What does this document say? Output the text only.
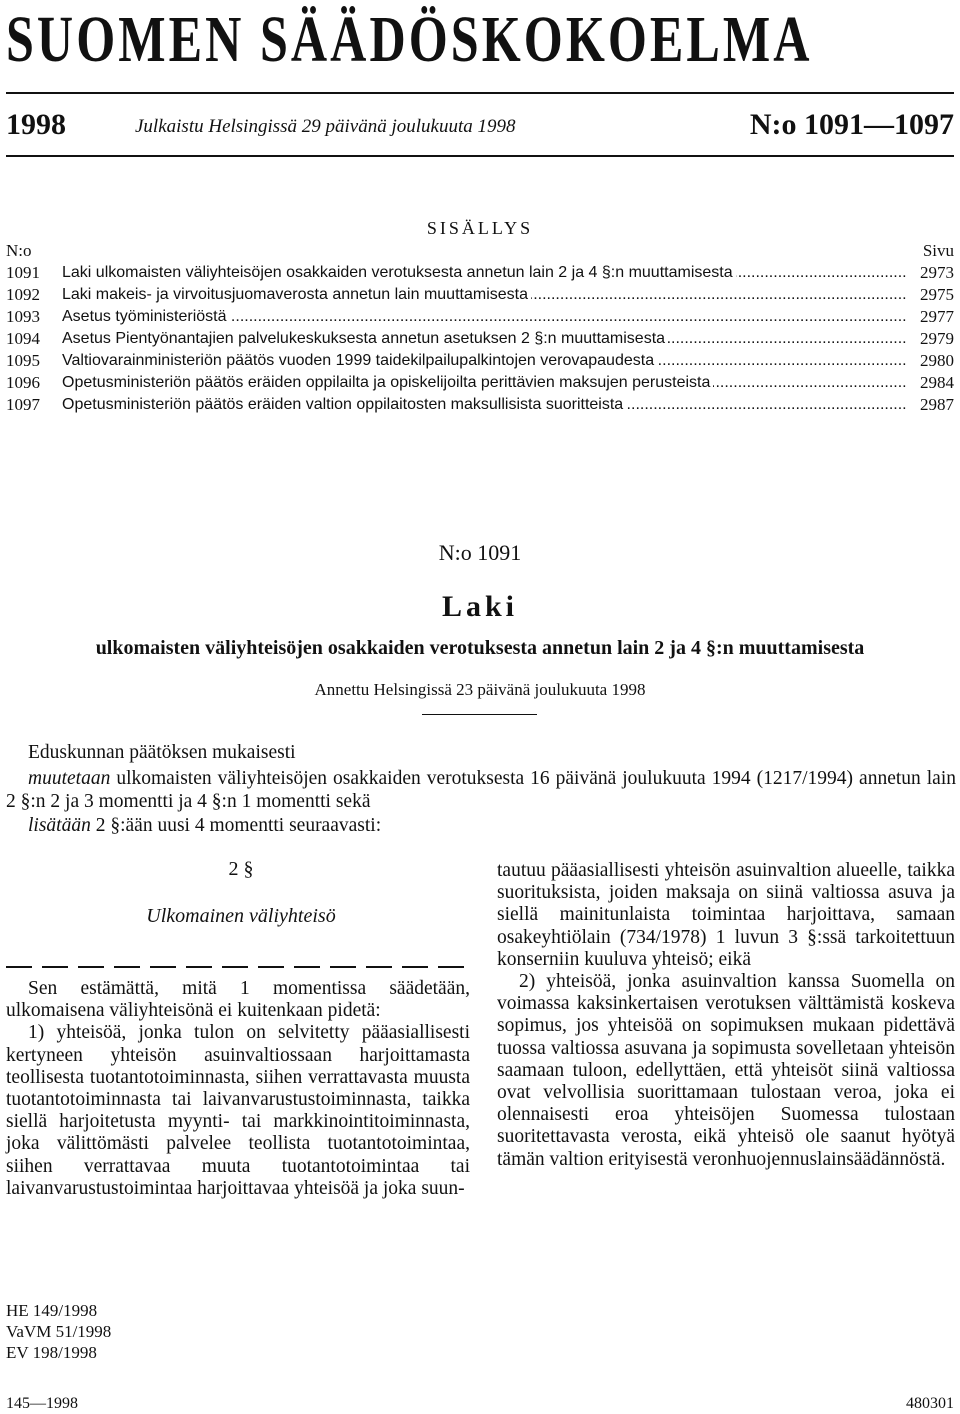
SUOMEN SÄÄDÖSKOKOELMA
1998	Julkaistu Helsingissä 29 päivänä joulukuuta 1998	N:o 1091—1097
SISÄLLYS
N:o	Sivu
1091	Laki ulkomaisten väliyhteisöjen osakkaiden verotuksesta annetun lain 2 ja 4 §:n muuttamisesta .....	2973
1092	Laki makeis- ja virvoitusjuomaverosta annetun lain muuttamisesta .....	2975
1093	Asetus työministeriöstä .....	2977
1094	Asetus Pientyönantajien palvelukeskuksesta annetun asetuksen 2 §:n muuttamisesta .....	2979
1095	Valtiovarainministeriön päätös vuoden 1999 taidekilpailupalkintojen verovapaudesta .....	2980
1096	Opetusministeriön päätös eräiden oppilailta ja opiskelijoilta perittävien maksujen perusteista .....	2984
1097	Opetusministeriön päätös eräiden valtion oppilaitosten maksullisista suoritteista .....	2987
N:o 1091
Laki
ulkomaisten väliyhteisöjen osakkaiden verotuksesta annetun lain 2 ja 4 §:n muuttamisesta
Annettu Helsingissä 23 päivänä joulukuuta 1998
Eduskunnan päätöksen mukaisesti
muutetaan ulkomaisten väliyhteisöjen osakkaiden verotuksesta 16 päivänä joulukuuta 1994 (1217/1994) annetun lain 2 §:n 2 ja 3 momentti ja 4 §:n 1 momentti sekä
lisätään 2 §:ään uusi 4 momentti seuraavasti:
2 §
Ulkomainen väliyhteisö

Sen estämättä, mitä 1 momentissa säädetään, ulkomaisena väliyhteisönä ei kuitenkaan pidetä:

1) yhteisöä, jonka tulon on selvitetty pääasiallisesti kertyneen yhteisön asuinvaltiossaan harjoittamasta teollisesta tuotantotoiminnasta, siihen verrattavasta muusta tuotantotoiminnasta tai laivanvarustustoiminnasta, taikka siellä harjoitetusta myynti- tai markkinointitoiminnasta, joka välittömästi palvelee teollista tuotantotoimintaa, siihen verrattavaa muuta tuotantotoimintaa tai laivanvarustustoimintaa harjoittavaa yhteisöä ja joka suun-

tautuu pääasiallisesti yhteisön asuinvaltion alueelle, taikka suorituksista, joiden maksaja on siinä valtiossa asuva ja siellä mainitunlaista toimintaa harjoittava, samaan osakeyhtiölain (734/1978) 1 luvun 3 §:ssä tarkoitettuun konserniin kuuluva yhteisö; eikä

2) yhteisöä, jonka asuinvaltion kanssa Suomella on voimassa kaksinkertaisen verotuksen välttämistä koskeva sopimus, jos yhteisöä on sopimuksen mukaan pidettävä tuossa valtiossa asuvana ja sopimusta sovelletaan yhteisön saamaan tuloon, edellyttäen, että yhteisöt siinä valtiossa ovat velvollisia suorittamaan tulostaan veroa, joka ei olennaisesti eroa yhteisöjen Suomessa tulostaan suoritettavasta verosta, eikä yhteisö ole saanut hyötyä tämän valtion erityisestä veronhuojennuslainsäädännöstä.

HE 149/1998
VaVM 51/1998
EV 198/1998
145—1998	480301
